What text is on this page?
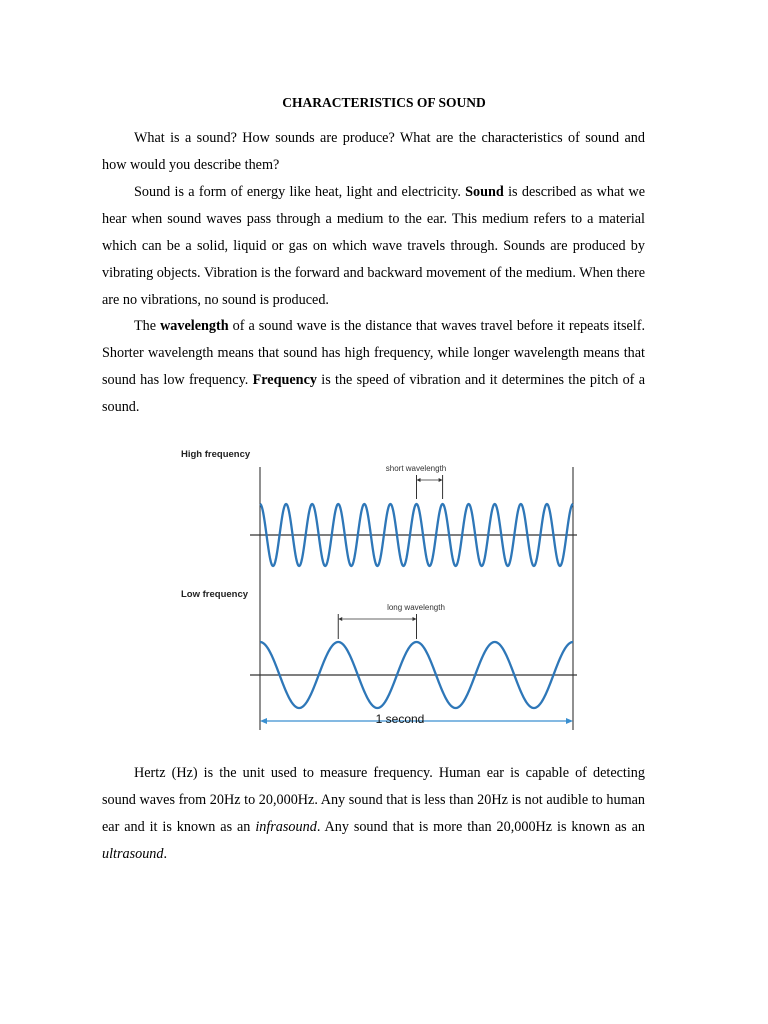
CHARACTERISTICS OF SOUND

What is a sound? How sounds are produce? What are the characteristics of sound and how would you describe them?

Sound is a form of energy like heat, light and electricity. Sound is described as what we hear when sound waves pass through a medium to the ear. This medium refers to a material which can be a solid, liquid or gas on which wave travels through. Sounds are produced by vibrating objects. Vibration is the forward and backward movement of the medium. When there are no vibrations, no sound is produced.

The wavelength of a sound wave is the distance that waves travel before it repeats itself. Shorter wavelength means that sound has high frequency, while longer wavelength means that sound has low frequency. Frequency is the speed of vibration and it determines the pitch of a sound.

High frequency
Low frequency
short wavelength
long wavelength
1 second

Hertz (Hz) is the unit used to measure frequency. Human ear is capable of detecting sound waves from 20Hz to 20,000Hz. Any sound that is less than 20Hz is not audible to human ear and it is known as an infrasound. Any sound that is more than 20,000Hz is known as an ultrasound.
